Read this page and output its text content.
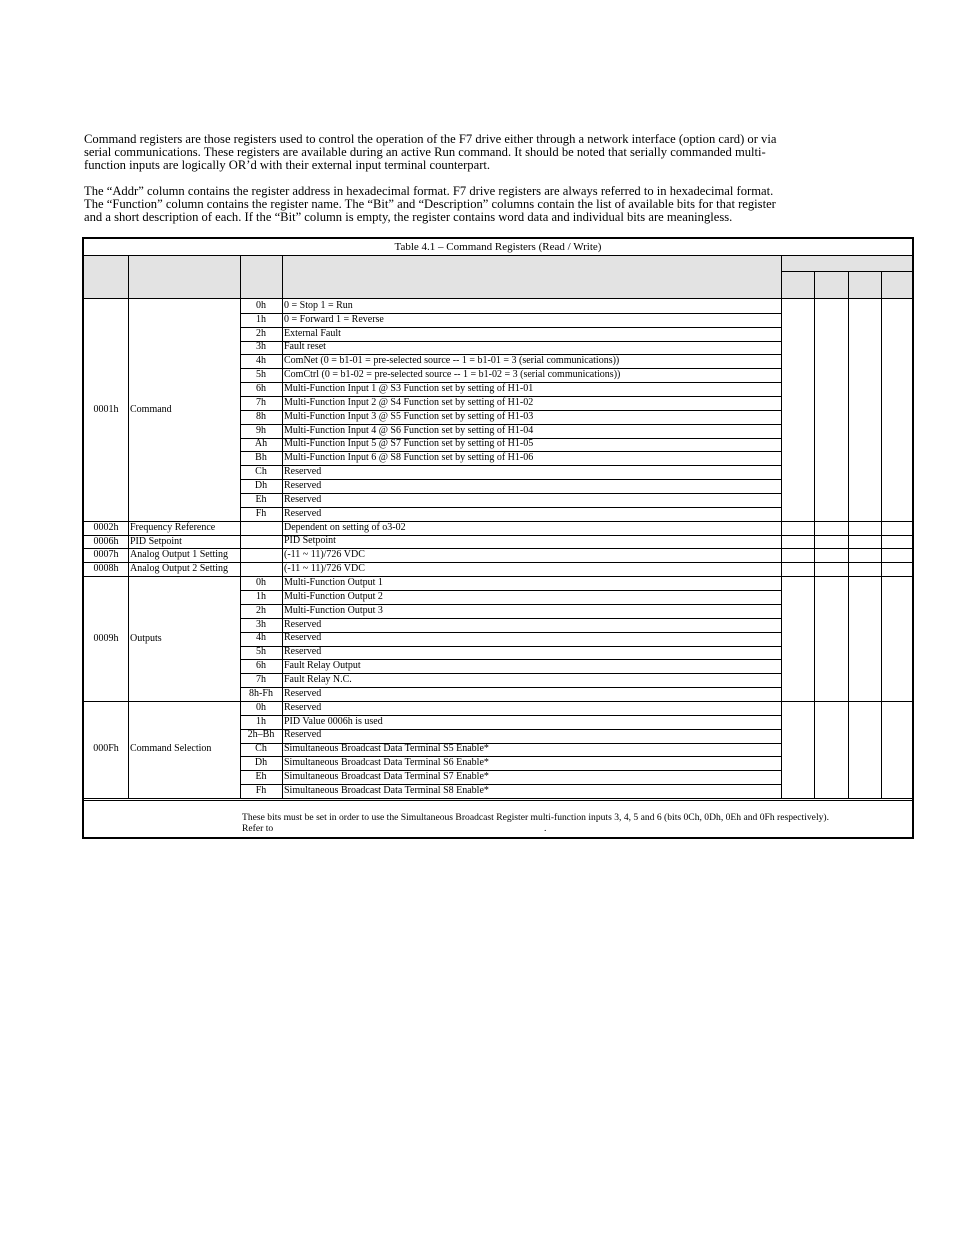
Command registers are those registers used to control the operation of the F7 drive either through a network interface (option card) or via
serial communications. These registers are available during an active Run command. It should be noted that serially commanded multi-
function inputs are logically OR’d with their external input terminal counterpart.

The “Addr” column contains the register address in hexadecimal format. F7 drive registers are always referred to in hexadecimal format.
The “Function” column contains the register name. The “Bit” and “Description” columns contain the list of available bits for that register
and a short description of each. If the “Bit” column is empty, the register contains word data and individual bits are meaningless.

Table 4.1 – Command Registers (Read / Write)
0001h	Command
0h	0 = Stop 1 = Run
1h	0 = Forward 1 = Reverse
2h	External Fault
3h	Fault reset
4h	ComNet (0 = b1-01 = pre-selected source -- 1 = b1-01 = 3 (serial communications))
5h	ComCtrl (0 = b1-02 = pre-selected source -- 1 = b1-02 = 3 (serial communications))
6h	Multi-Function Input 1 @ S3 Function set by setting of H1-01
7h	Multi-Function Input 2 @ S4 Function set by setting of H1-02
8h	Multi-Function Input 3 @ S5 Function set by setting of H1-03
9h	Multi-Function Input 4 @ S6 Function set by setting of H1-04
Ah	Multi-Function Input 5 @ S7 Function set by setting of H1-05
Bh	Multi-Function Input 6 @ S8 Function set by setting of H1-06
Ch	Reserved
Dh	Reserved
Eh	Reserved
Fh	Reserved
0002h	Frequency Reference	Dependent on setting of o3-02
0006h	PID Setpoint	PID Setpoint
0007h	Analog Output 1 Setting	(-11 ~ 11)/726 VDC
0008h	Analog Output 2 Setting	(-11 ~ 11)/726 VDC
0009h	Outputs
0h	Multi-Function Output 1
1h	Multi-Function Output 2
2h	Multi-Function Output 3
3h	Reserved
4h	Reserved
5h	Reserved
6h	Fault Relay Output
7h	Fault Relay N.C.
8h-Fh	Reserved
000Fh	Command Selection
0h	Reserved
1h	PID Value 0006h is used
2h–Bh Reserved
Ch	Simultaneous Broadcast Data Terminal S5 Enable*
Dh	Simultaneous Broadcast Data Terminal S6 Enable*
Eh	Simultaneous Broadcast Data Terminal S7 Enable*
Fh	Simultaneous Broadcast Data Terminal S8 Enable*
These bits must be set in order to use the Simultaneous Broadcast Register multi-function inputs 3, 4, 5 and 6 (bits 0Ch, 0Dh, 0Eh and 0Fh respectively).
Refer to	.
